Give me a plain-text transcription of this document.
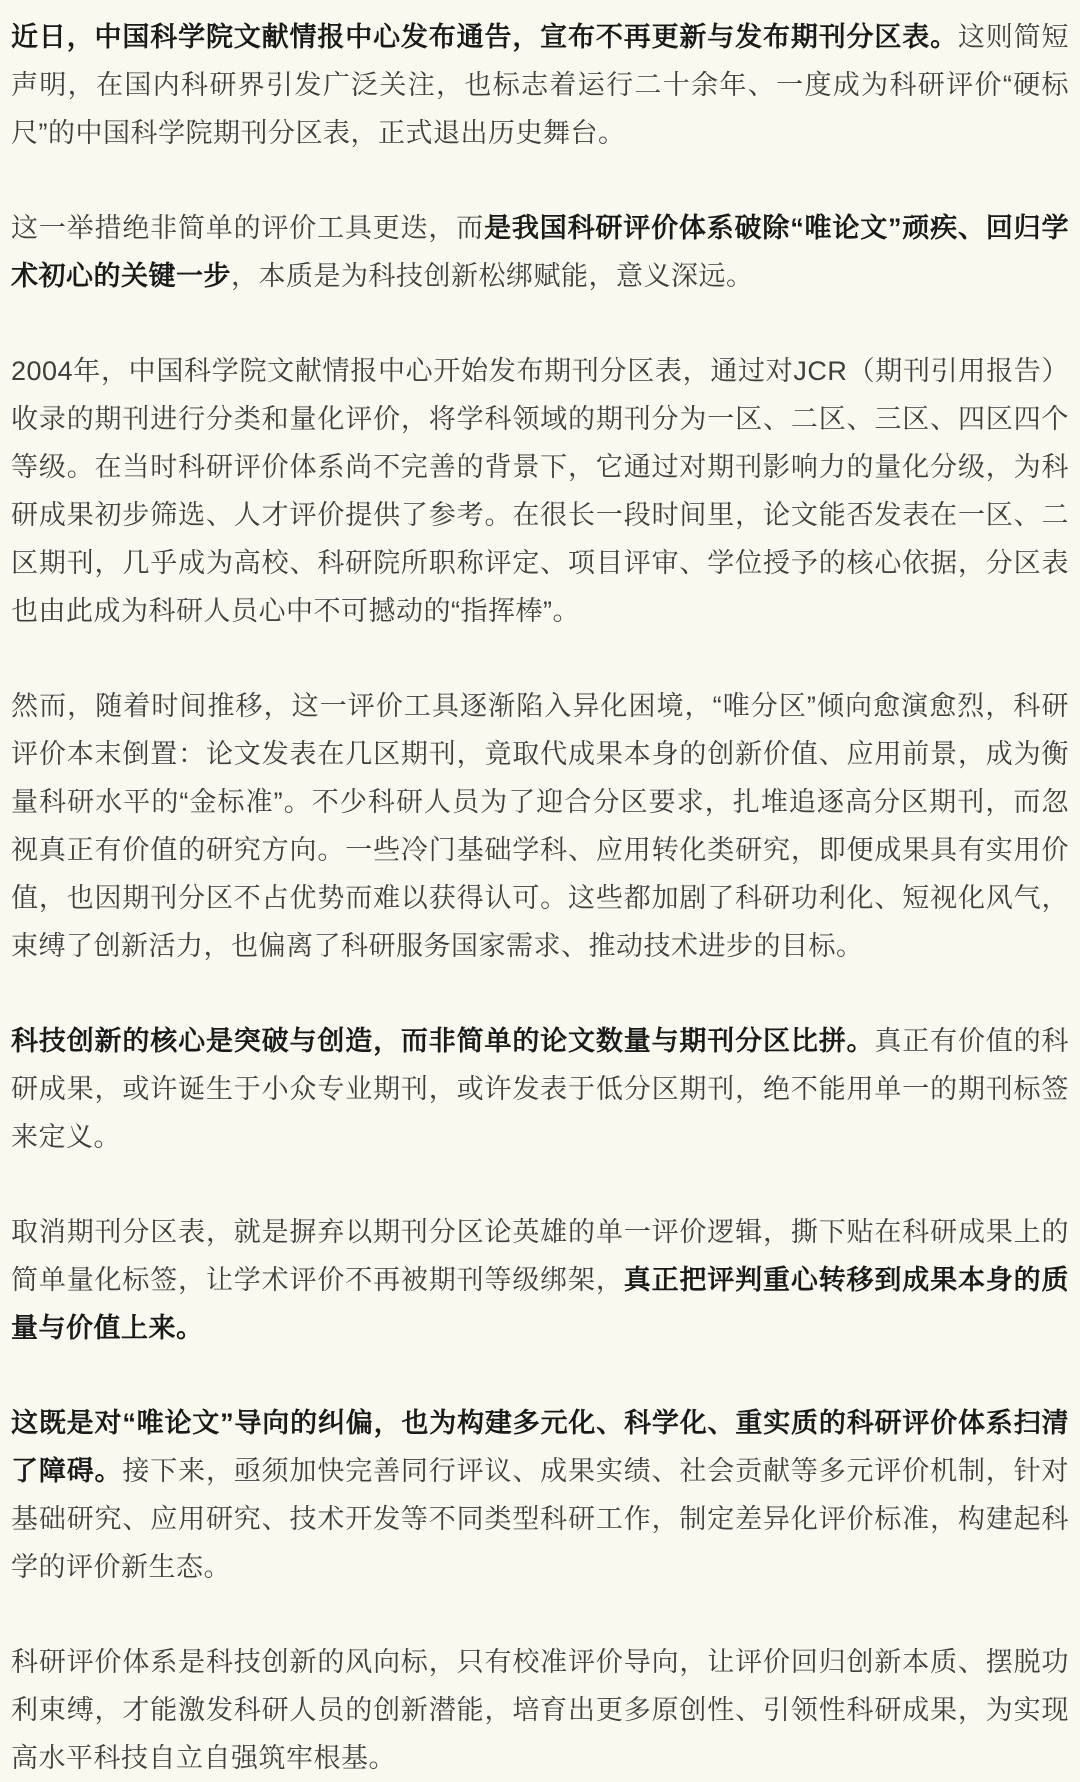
近日，中国科学院文献情报中心发布通告，宣布不再更新与发布期刊分区表。这则简短声明，在国内科研界引发广泛关注，也标志着运行二十余年、一度成为科研评价“硬标尺”的中国科学院期刊分区表，正式退出历史舞台。

这一举措绝非简单的评价工具更迭，而是我国科研评价体系破除“唯论文”顽疾、回归学术初心的关键一步，本质是为科技创新松绑赋能，意义深远。

2004年，中国科学院文献情报中心开始发布期刊分区表，通过对JCR（期刊引用报告）收录的期刊进行分类和量化评价，将学科领域的期刊分为一区、二区、三区、四区四个等级。在当时科研评价体系尚不完善的背景下，它通过对期刊影响力的量化分级，为科研成果初步筛选、人才评价提供了参考。在很长一段时间里，论文能否发表在一区、二区期刊，几乎成为高校、科研院所职称评定、项目评审、学位授予的核心依据，分区表也由此成为科研人员心中不可撼动的“指挥棒”。

然而，随着时间推移，这一评价工具逐渐陷入异化困境，“唯分区”倾向愈演愈烈，科研评价本末倒置：论文发表在几区期刊，竟取代成果本身的创新价值、应用前景，成为衡量科研水平的“金标准”。不少科研人员为了迎合分区要求，扎堆追逐高分区期刊，而忽视真正有价值的研究方向。一些冷门基础学科、应用转化类研究，即便成果具有实用价值，也因期刊分区不占优势而难以获得认可。这些都加剧了科研功利化、短视化风气，束缚了创新活力，也偏离了科研服务国家需求、推动技术进步的目标。

科技创新的核心是突破与创造，而非简单的论文数量与期刊分区比拼。真正有价值的科研成果，或许诞生于小众专业期刊，或许发表于低分区期刊，绝不能用单一的期刊标签来定义。

取消期刊分区表，就是摒弃以期刊分区论英雄的单一评价逻辑，撕下贴在科研成果上的简单量化标签，让学术评价不再被期刊等级绑架，真正把评判重心转移到成果本身的质量与价值上来。

这既是对“唯论文”导向的纠偏，也为构建多元化、科学化、重实质的科研评价体系扫清了障碍。接下来，亟须加快完善同行评议、成果实绩、社会贡献等多元评价机制，针对基础研究、应用研究、技术开发等不同类型科研工作，制定差异化评价标准，构建起科学的评价新生态。

科研评价体系是科技创新的风向标，只有校准评价导向，让评价回归创新本质、摆脱功利束缚，才能激发科研人员的创新潜能，培育出更多原创性、引领性科研成果，为实现高水平科技自立自强筑牢根基。
